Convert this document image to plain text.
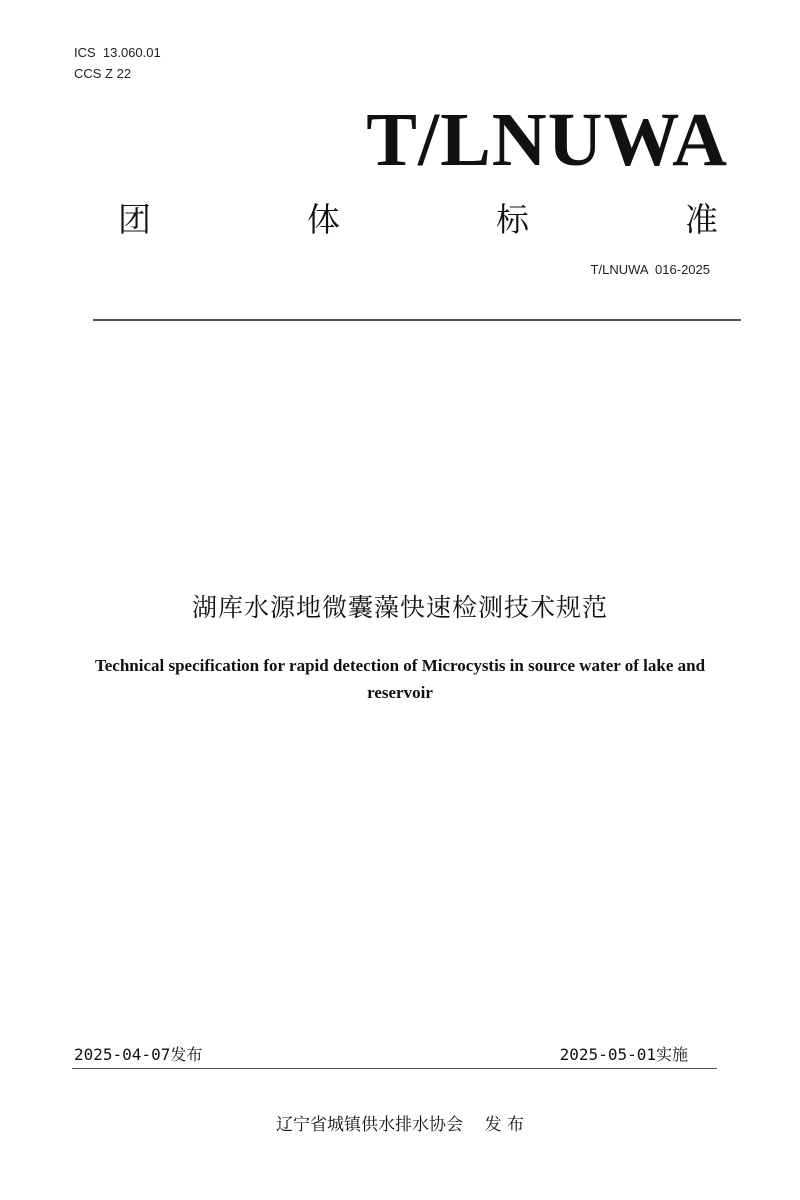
ICS  13.060.01
CCS Z 22
T/LNUWA
团	体	标	准
T/LNUWA  016-2025
湖库水源地微囊藻快速检测技术规范
Technical specification for rapid detection of Microcystis in source water of lake and reservoir
2025-04-07发布	2025-05-01实施
辽宁省城镇供水排水协会 发 布
